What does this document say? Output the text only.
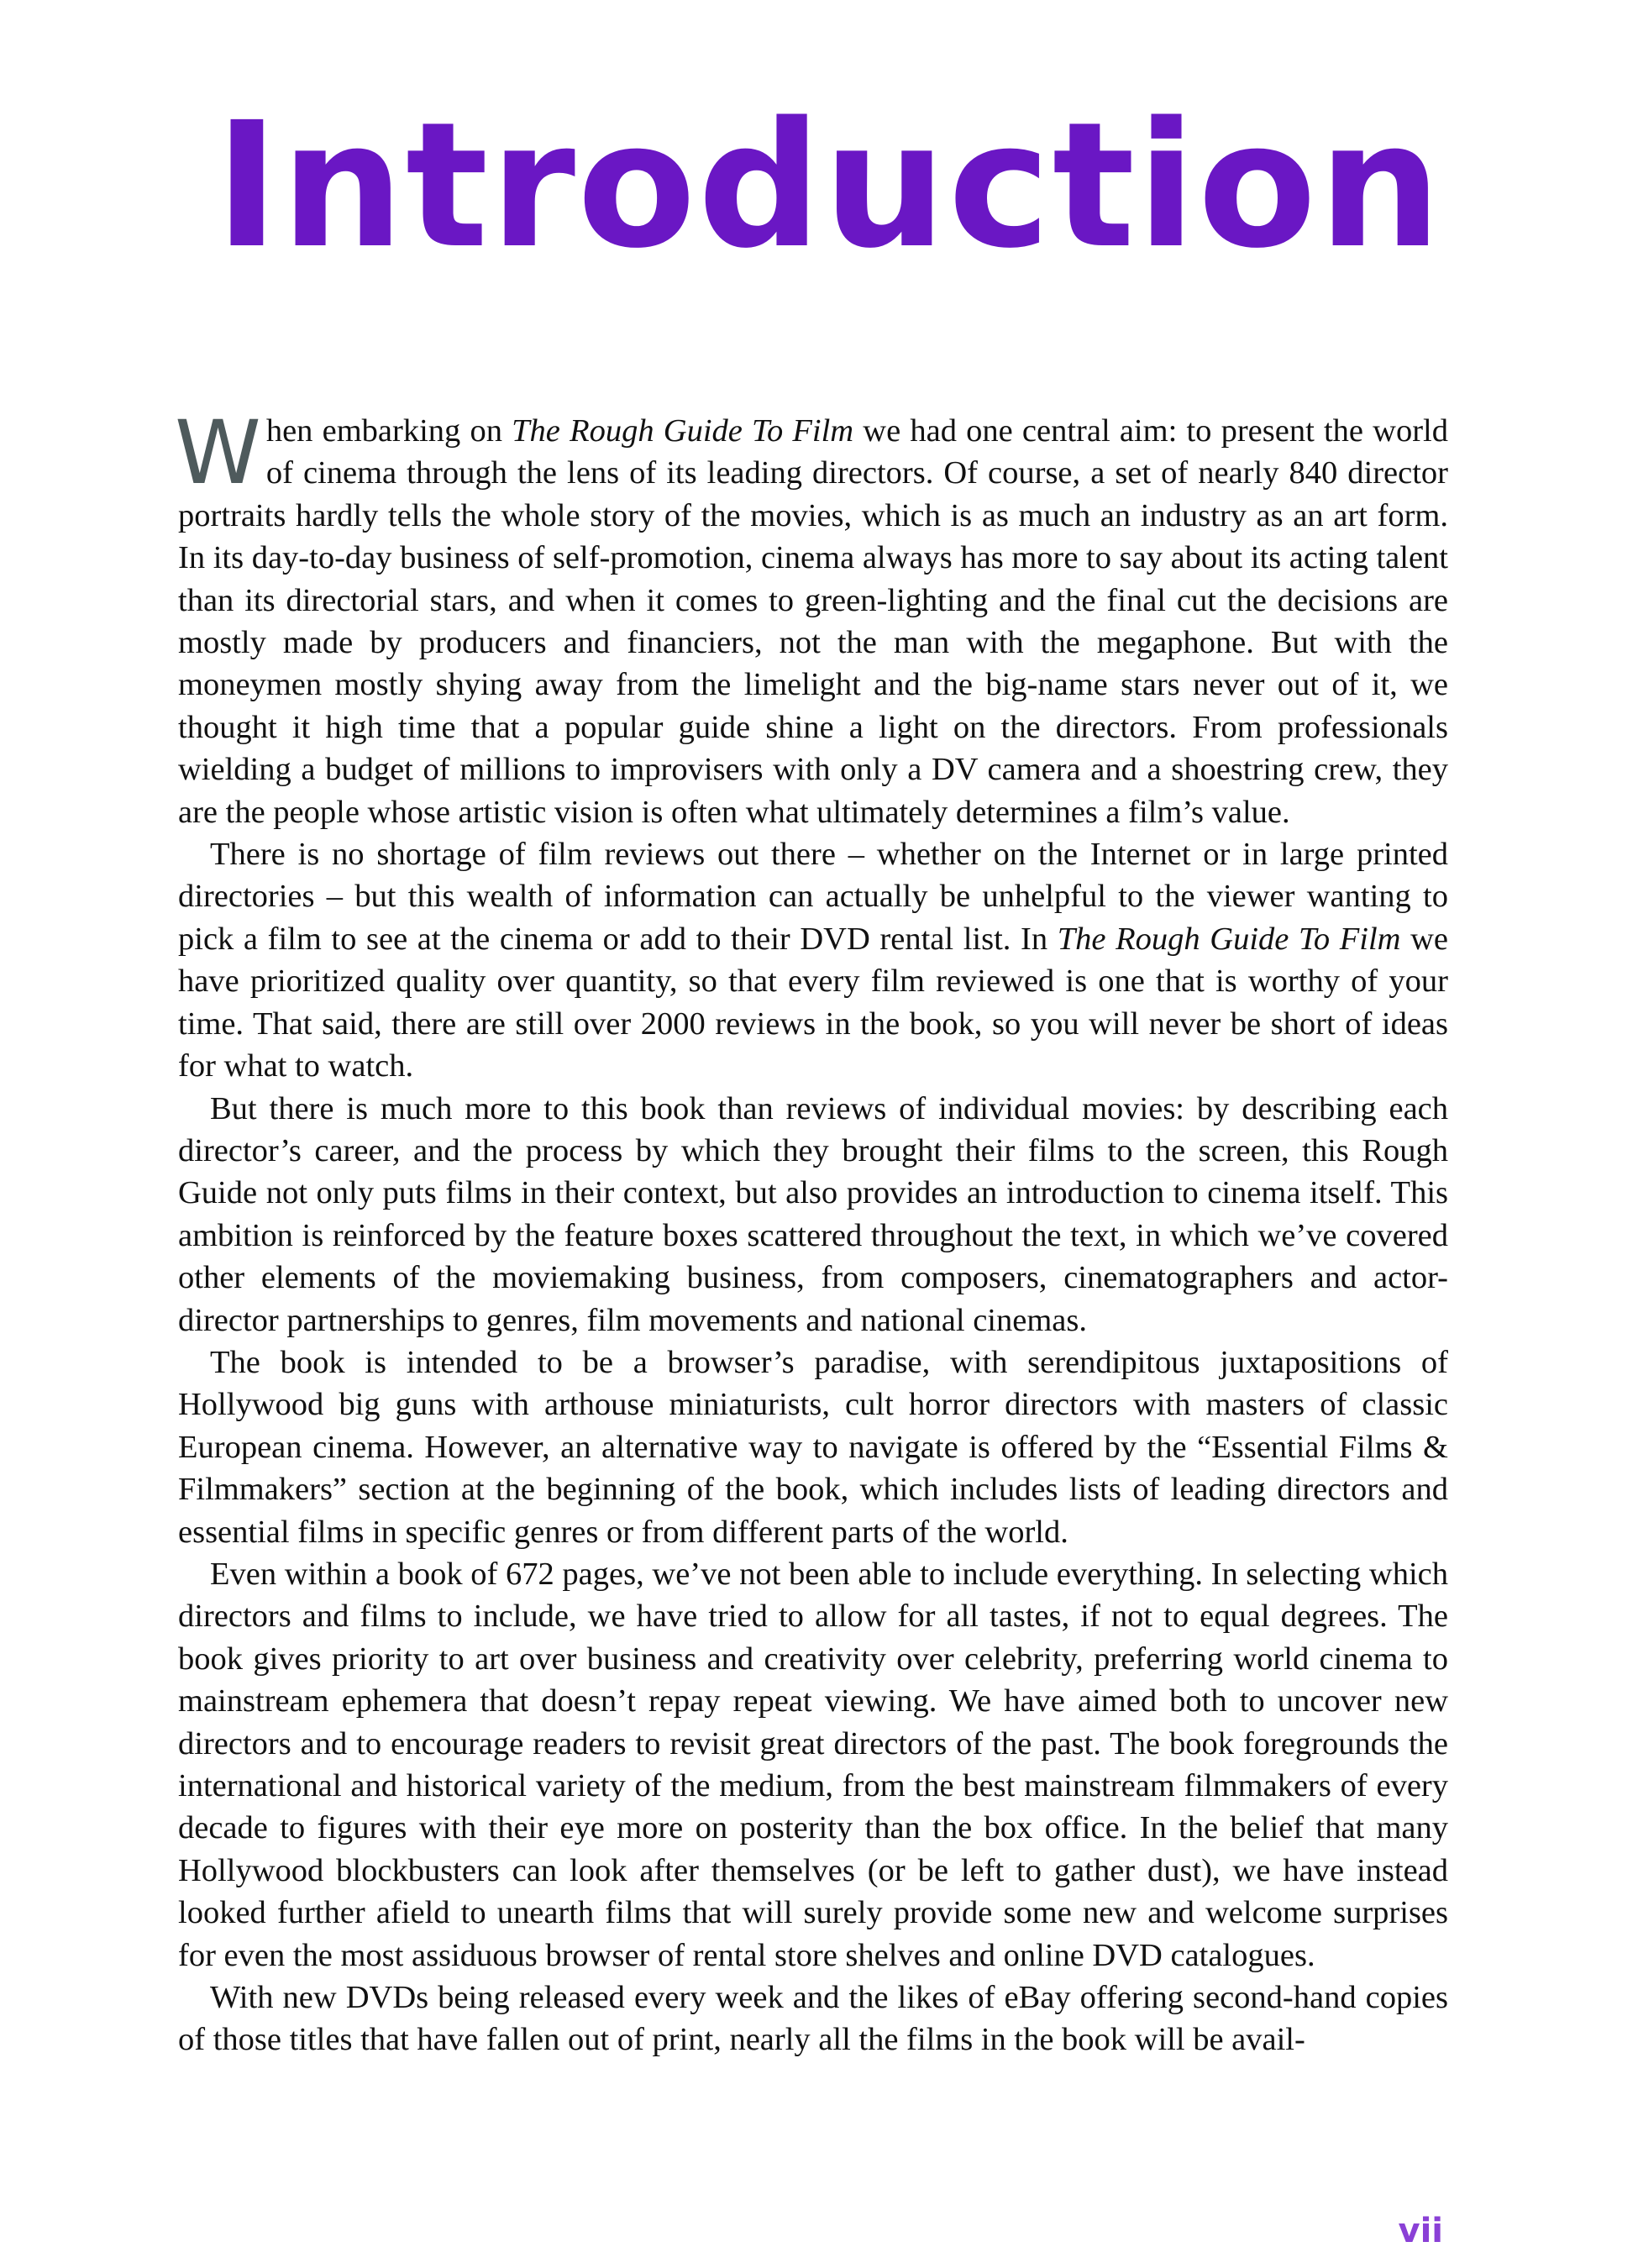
Introduction

When embarking on The Rough Guide To Film we had one central aim: to present the world of cinema through the lens of its leading directors. Of course, a set of nearly 840 director portraits hardly tells the whole story of the movies, which is as much an industry as an art form. In its day-to-day business of self-promotion, cinema always has more to say about its acting talent than its directorial stars, and when it comes to green-lighting and the final cut the decisions are mostly made by producers and financiers, not the man with the megaphone. But with the moneymen mostly shying away from the limelight and the big-name stars never out of it, we thought it high time that a popular guide shine a light on the directors. From professionals wielding a budget of millions to improvisers with only a DV camera and a shoestring crew, they are the people whose artistic vision is often what ultimately determines a film’s value.

There is no shortage of film reviews out there – whether on the Internet or in large printed directories – but this wealth of information can actually be unhelpful to the viewer wanting to pick a film to see at the cinema or add to their DVD rental list. In The Rough Guide To Film we have prioritized quality over quantity, so that every film reviewed is one that is worthy of your time. That said, there are still over 2000 reviews in the book, so you will never be short of ideas for what to watch.

But there is much more to this book than reviews of individual movies: by describing each director’s career, and the process by which they brought their films to the screen, this Rough Guide not only puts films in their context, but also provides an introduction to cinema itself. This ambition is reinforced by the feature boxes scattered throughout the text, in which we’ve covered other elements of the moviemaking business, from composers, cinematographers and actor-director partnerships to genres, film movements and national cinemas.

The book is intended to be a browser’s paradise, with serendipitous juxtapositions of Hollywood big guns with arthouse miniaturists, cult horror directors with masters of classic European cinema. However, an alternative way to navigate is offered by the “Essential Films & Filmmakers” section at the beginning of the book, which includes lists of leading directors and essential films in specific genres or from different parts of the world.

Even within a book of 672 pages, we’ve not been able to include everything. In selecting which directors and films to include, we have tried to allow for all tastes, if not to equal degrees. The book gives priority to art over business and creativity over celebrity, preferring world cinema to mainstream ephemera that doesn’t repay repeat viewing. We have aimed both to uncover new directors and to encourage readers to revisit great directors of the past. The book foregrounds the international and historical variety of the medium, from the best mainstream filmmakers of every decade to figures with their eye more on posterity than the box office. In the belief that many Hollywood blockbusters can look after themselves (or be left to gather dust), we have instead looked further afield to unearth films that will surely provide some new and welcome surprises for even the most assiduous browser of rental store shelves and online DVD catalogues.

With new DVDs being released every week and the likes of eBay offering second-hand copies of those titles that have fallen out of print, nearly all the films in the book will be avail-

vii
